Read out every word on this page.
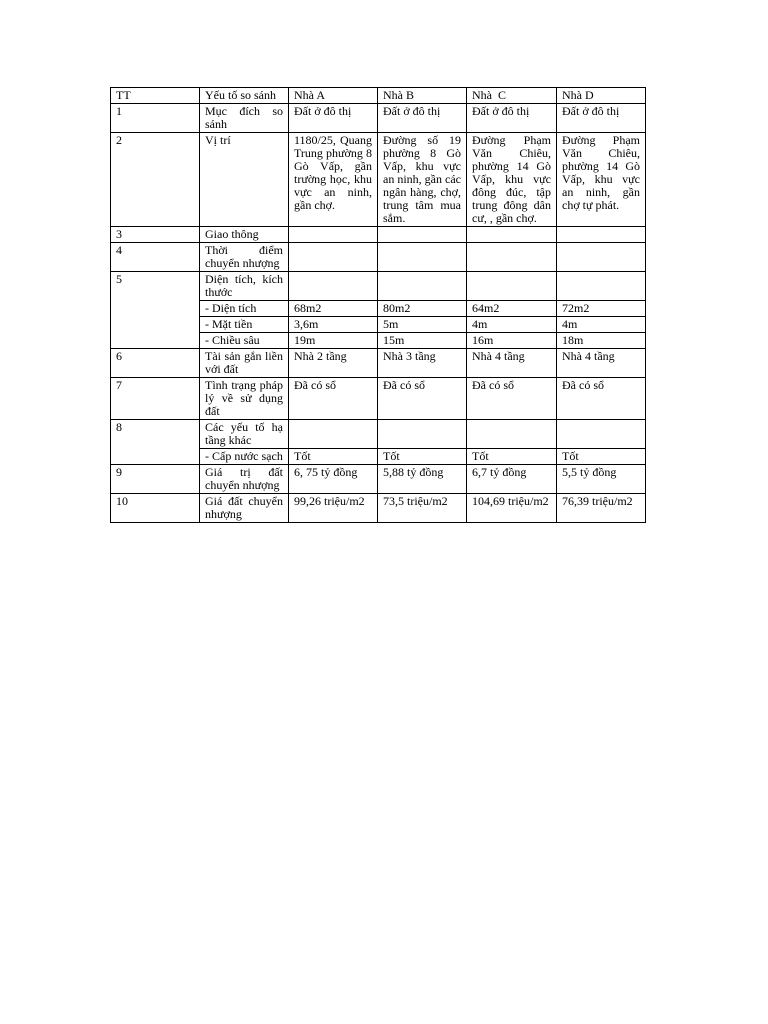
TT	Yếu tố so sánh	Nhà A	Nhà B	Nhà  C	Nhà D
1	Mục đích so sánh	Đất ở đô thị	Đất ở đô thị	Đất ở đô thị	Đất ở đô thị
2	Vị trí	1180/25, Quang Trung phường 8 Gò Vấp, gần trường học, khu vực an ninh, gần chợ.	Đường số 19 phường 8 Gò Vấp, khu vực an ninh, gần các ngân hàng, chợ, trung tâm mua sắm.	Đường Phạm Văn Chiêu, phường 14 Gò Vấp, khu vực đông đúc, tập trung đông dân cư, , gần chợ.	Đường Phạm Văn Chiêu, phường 14 Gò Vấp, khu vực an ninh, gần chợ tự phát.
3	Giao thông				
4	Thời điểm chuyển nhượng				
5	Diện tích, kích thước				
	- Diện tích	68m2	80m2	64m2	72m2
	- Mặt tiền	3,6m	5m	4m	4m
	- Chiều sâu	19m	15m	16m	18m
6	Tài sản gắn liền với đất	Nhà 2 tầng	Nhà 3 tầng	Nhà 4 tầng	Nhà 4 tầng
7	Tình trạng pháp lý về sử dụng đất	Đã có sổ	Đã có sổ	Đã có sổ	Đã có sổ
8	Các yếu tố hạ tầng khác				
	- Cấp nước sạch	Tốt	Tốt	Tốt	Tốt
9	Giá trị đất chuyển nhượng	6, 75 tỷ đồng	5,88 tỷ đồng	6,7 tỷ đồng	5,5 tỷ đồng
10	Giá đất chuyển nhượng	99,26 triệu/m2	73,5 triệu/m2	104,69 triệu/m2	76,39 triệu/m2
